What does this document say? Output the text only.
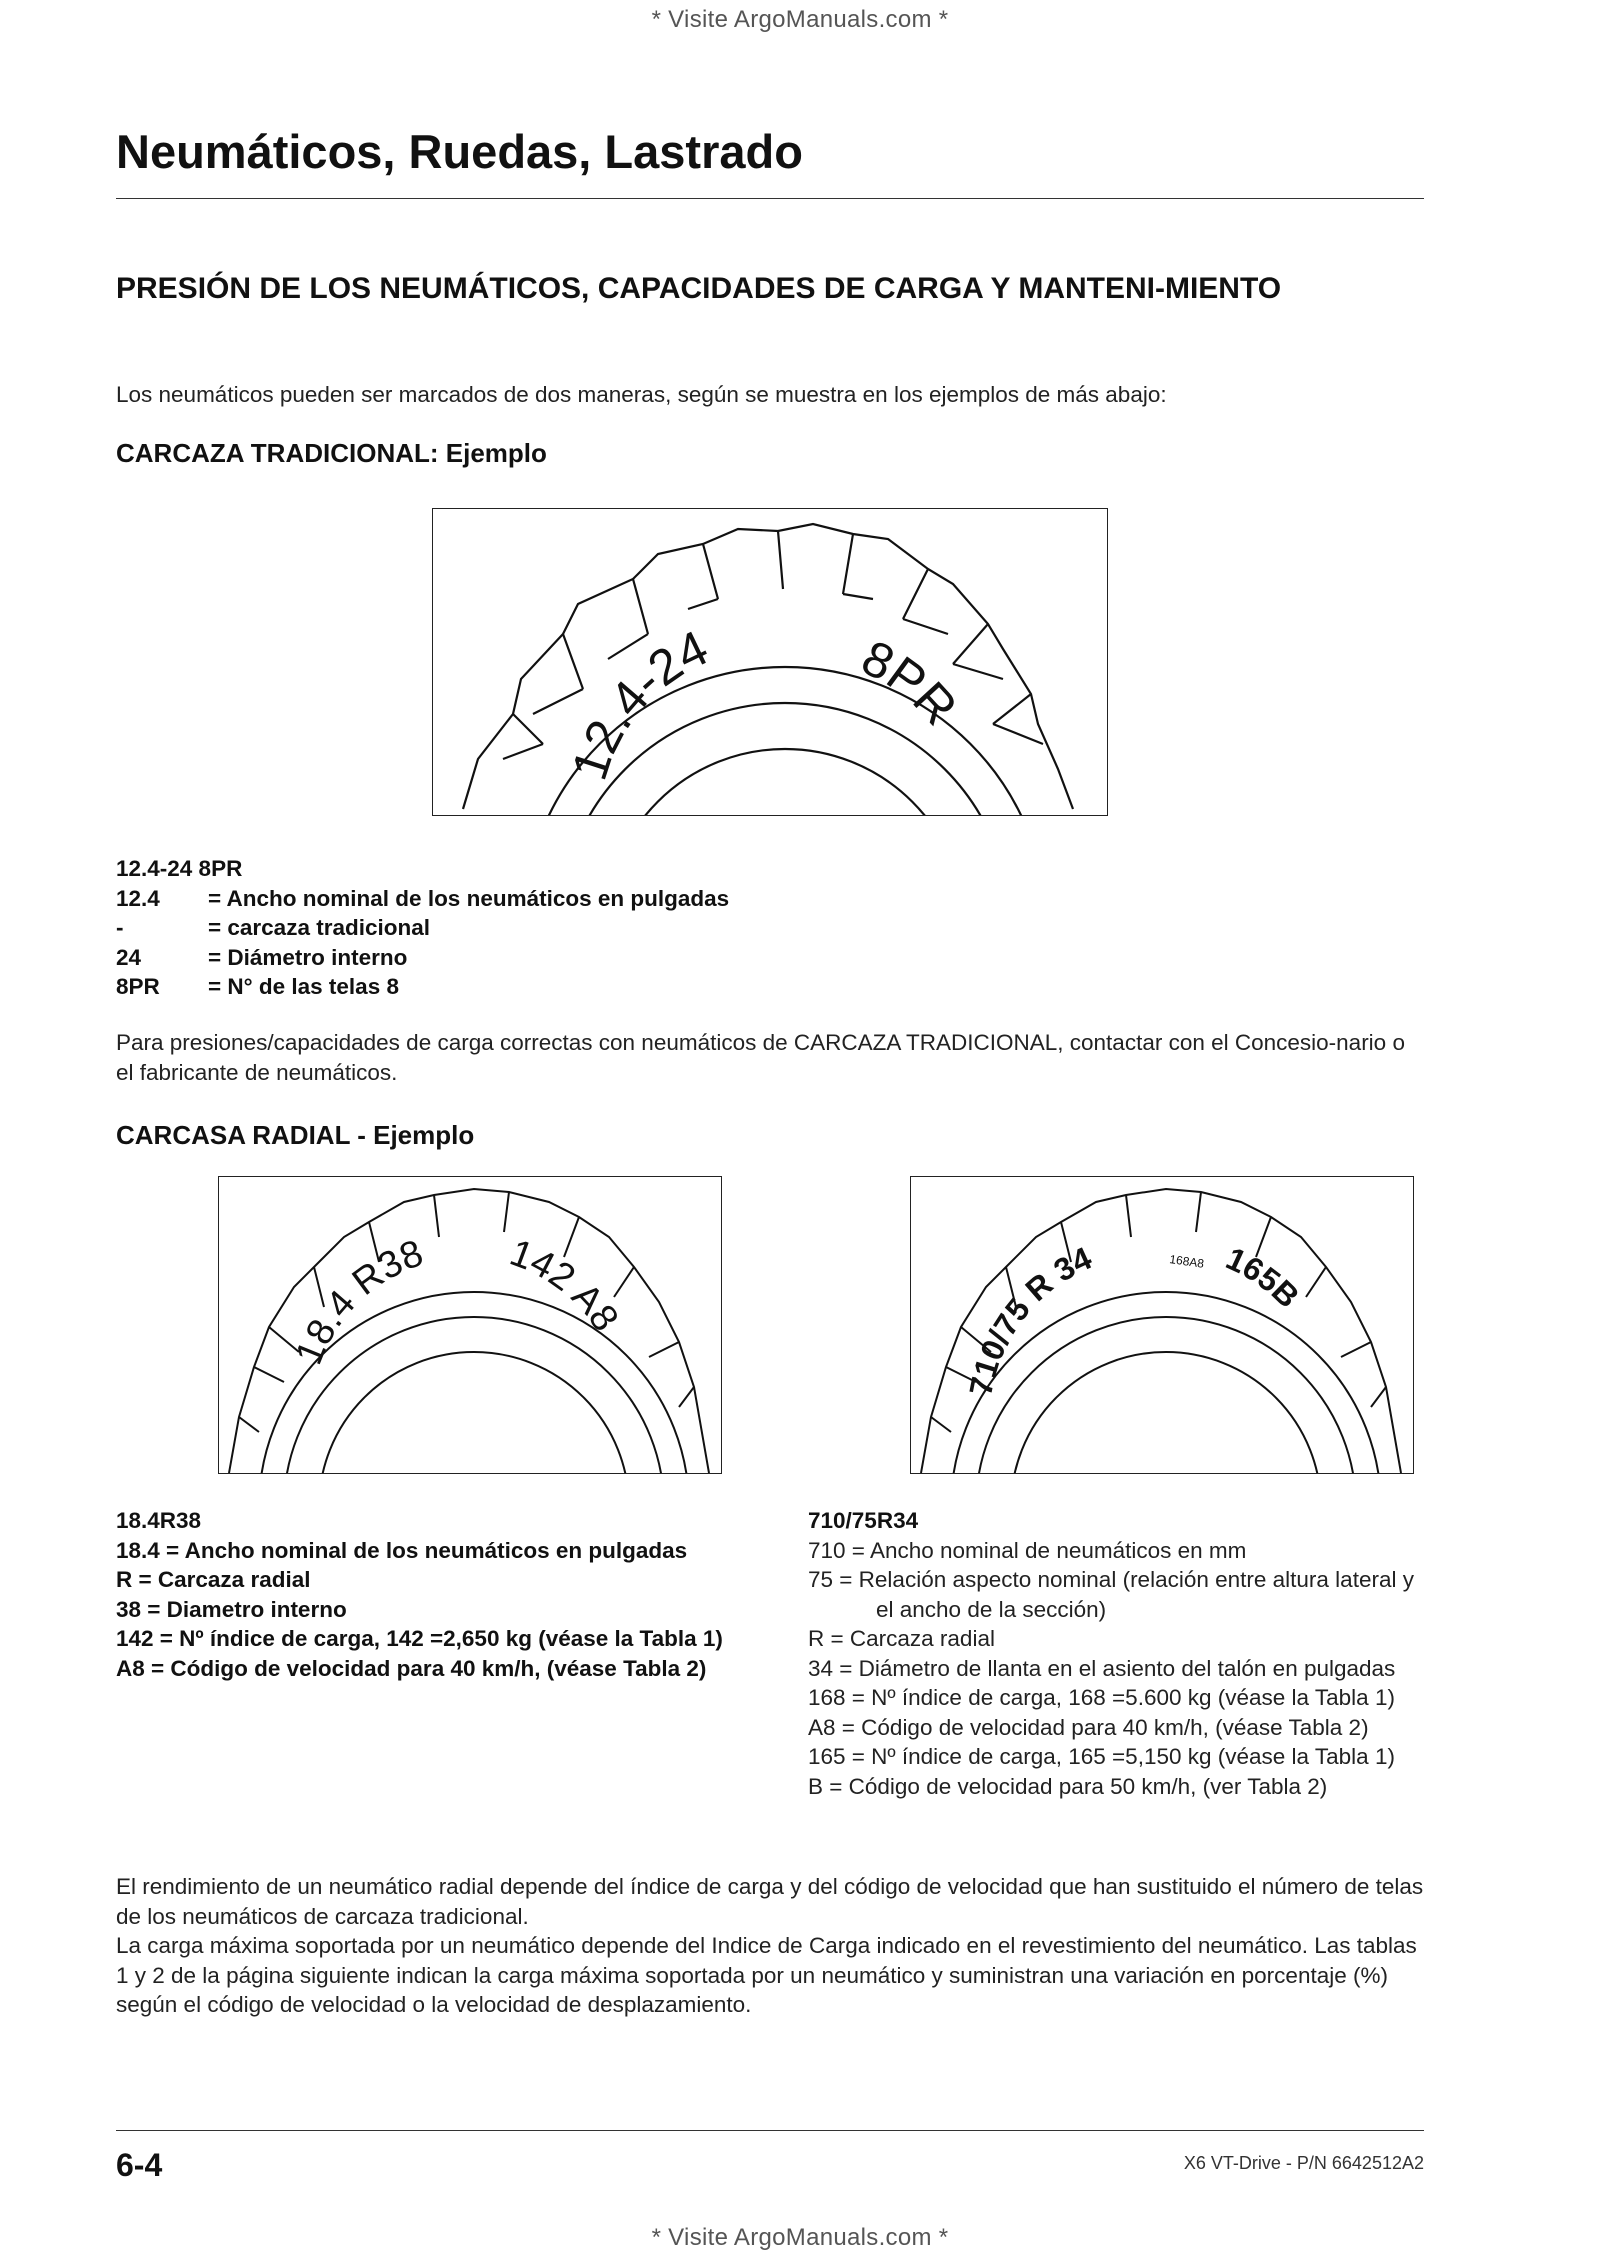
* Visite ArgoManuals.com *
Neumáticos, Ruedas, Lastrado
PRESIÓN DE LOS NEUMÁTICOS, CAPACIDADES DE CARGA Y MANTENI-MIENTO
Los neumáticos pueden ser marcados de dos maneras, según se muestra en los ejemplos de más abajo:
CARCAZA TRADICIONAL: Ejemplo
12.4-24	8PR
12.4-24 8PR
12.4 = Ancho nominal de los neumáticos en pulgadas
-	= carcaza tradicional
24	= Diámetro interno
8PR = N° de las telas 8
Para presiones/capacidades de carga correctas con neumáticos de CARCAZA TRADICIONAL, contactar con el Concesio-nario o el fabricante de neumáticos.
CARCASA RADIAL - Ejemplo
18.4 R38 142 A8
710/75 R 34	168A8 165B
18.4R38
18.4 = Ancho nominal de los neumáticos en pulgadas
R = Carcaza radial
38 = Diametro interno
142 = Nº índice de carga, 142 =2,650 kg (véase la Tabla 1)
A8 = Código de velocidad para 40 km/h, (véase Tabla 2)
710/75R34
710 = Ancho nominal de neumáticos en mm
75 = Relación aspecto nominal (relación entre altura lateral y el ancho de la sección)
R = Carcaza radial
34 = Diámetro de llanta en el asiento del talón en pulgadas
168 = Nº índice de carga, 168 =5.600 kg (véase la Tabla 1)
A8 = Código de velocidad para 40 km/h, (véase Tabla 2)
165 = Nº índice de carga, 165 =5,150 kg (véase la Tabla 1)
B = Código de velocidad para 50 km/h, (ver Tabla 2)
El rendimiento de un neumático radial depende del índice de carga y del código de velocidad que han sustituido el número de telas de los neumáticos de carcaza tradicional.
La carga máxima soportada por un neumático depende del Indice de Carga indicado en el revestimiento del neumático. Las tablas 1 y 2 de la página siguiente indican la carga máxima soportada por un neumático y suministran una variación en porcentaje (%) según el código de velocidad o la velocidad de desplazamiento.
6-4	X6 VT-Drive - P/N 6642512A2
* Visite ArgoManuals.com *
